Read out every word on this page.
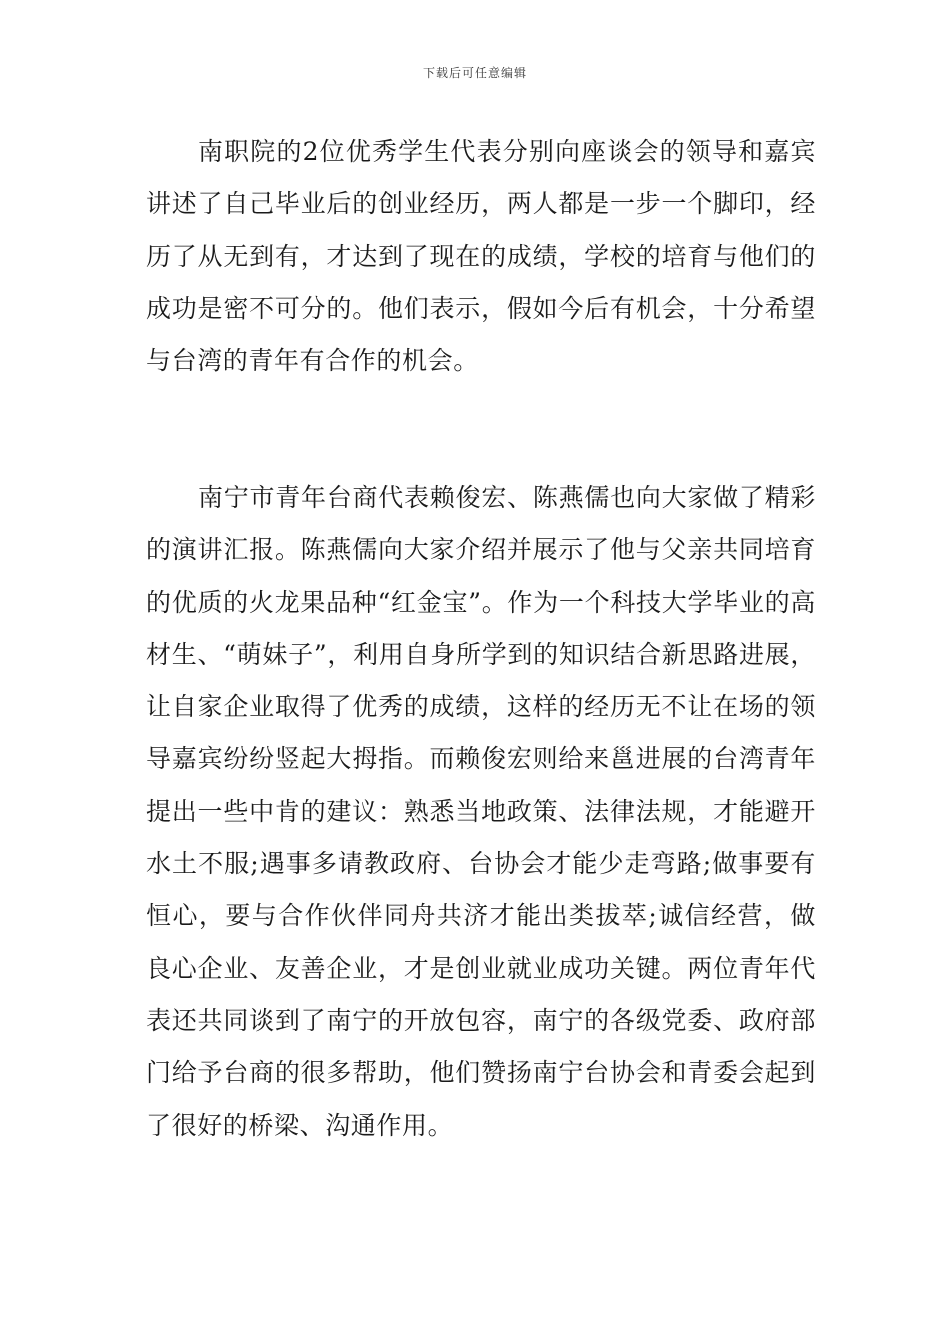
下载后可任意编辑

南职院的2位优秀学生代表分别向座谈会的领导和嘉宾讲述了自己毕业后的创业经历，两人都是一步一个脚印，经历了从无到有，才达到了现在的成绩，学校的培育与他们的成功是密不可分的。他们表示，假如今后有机会，十分希望与台湾的青年有合作的机会。

南宁市青年台商代表赖俊宏、陈燕儒也向大家做了精彩的演讲汇报。陈燕儒向大家介绍并展示了他与父亲共同培育的优质的火龙果品种“红金宝”。作为一个科技大学毕业的高材生、“萌妹子”，利用自身所学到的知识结合新思路进展，让自家企业取得了优秀的成绩，这样的经历无不让在场的领导嘉宾纷纷竖起大拇指。而赖俊宏则给来邕进展的台湾青年提出一些中肯的建议：熟悉当地政策、法律法规，才能避开水土不服;遇事多请教政府、台协会才能少走弯路;做事要有恒心，要与合作伙伴同舟共济才能出类拔萃;诚信经营，做良心企业、友善企业，才是创业就业成功关键。两位青年代表还共同谈到了南宁的开放包容，南宁的各级党委、政府部门给予台商的很多帮助，他们赞扬南宁台协会和青委会起到了很好的桥梁、沟通作用。
